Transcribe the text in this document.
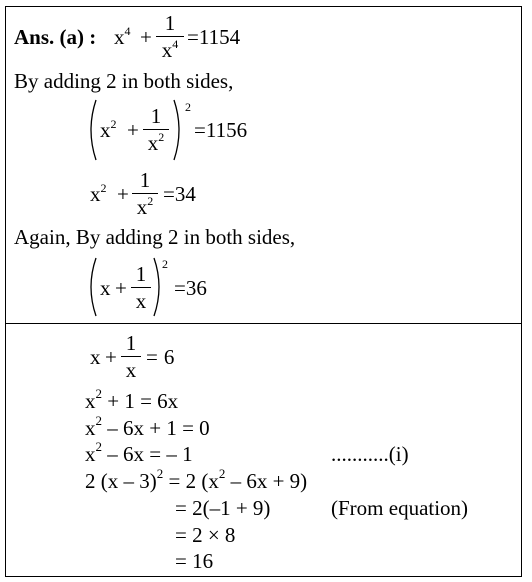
Ans. (a) : $x^4$ +
1
$x^4 =1154$
By adding 2 in both sides,
$x^2$ +
1
$x^2$
2
=1156
$x^2$ +
1
$x^2 =34$
Again, By adding 2 in both sides,
x +
1
x
2
=36
x +
1
x
= 6
$x^2 + 1 = 6x$
$x^2 - 6x + 1 = 0$
$x^2 - 6x$ = – 1	...........(i)
2 (x – 3)$^2$ = 2 $(x^2 - 6x + 9)$
= 2(–1 + 9)	(From equation)
= 2 × 8
= 16
